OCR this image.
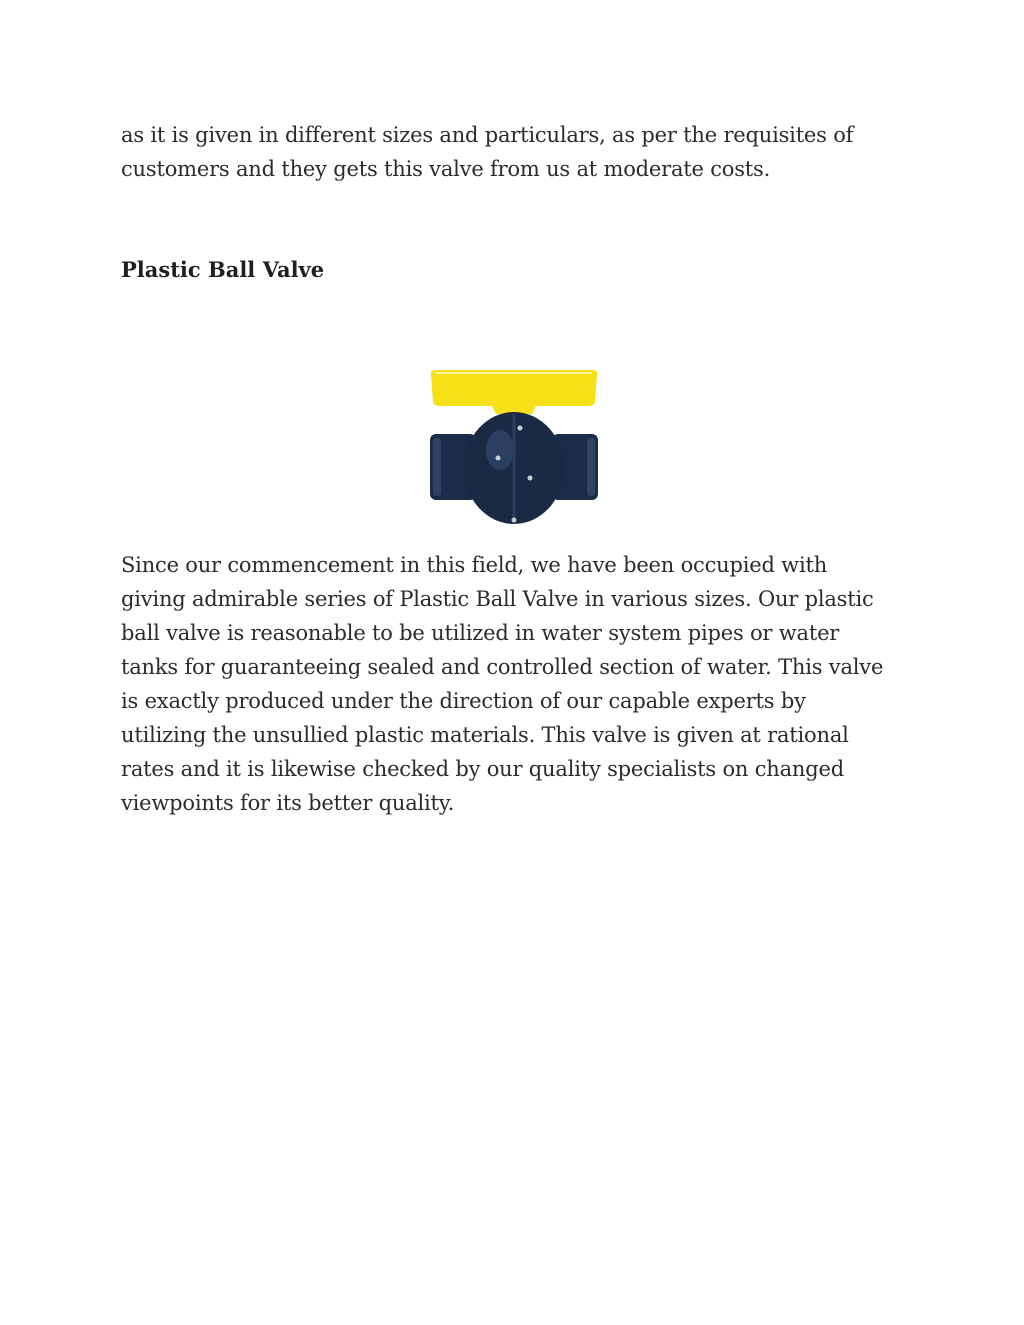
as it is given in different sizes and particulars, as per the requisites of
customers and they gets this valve from us at moderate costs.

Plastic Ball Valve

Since our commencement in this field, we have been occupied with
giving admirable series of Plastic Ball Valve in various sizes. Our plastic
ball valve is reasonable to be utilized in water system pipes or water
tanks for guaranteeing sealed and controlled section of water. This valve
is exactly produced under the direction of our capable experts by
utilizing the unsullied plastic materials. This valve is given at rational
rates and it is likewise checked by our quality specialists on changed
viewpoints for its better quality.
